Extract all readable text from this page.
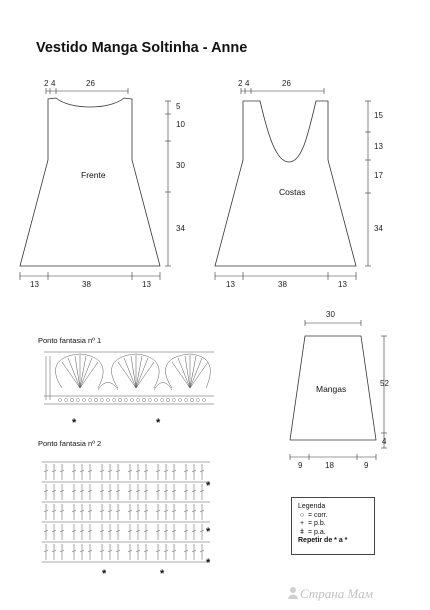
Vestido Manga Soltinha - Anne
2 4	26
5
10
30
34
13	38	13
2 4	26
15
13
17
34
13	38	13
30
52
4
9	18	9
Frente
Costas
Mangas
Ponto fantasia nº 1
*	*
Ponto fantasia nº 2
*
*
*
*	*
Legenda
○ = corr.
+ = p.b.
ǂ = p.a.
Repetir de * a *
Страна Мам
